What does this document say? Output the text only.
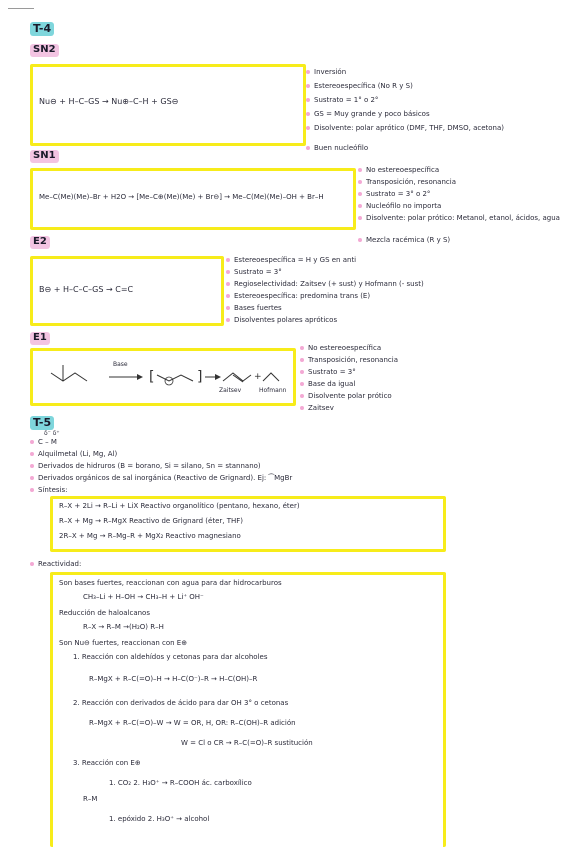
T-4
SN2
Nu⊖ + H–C–GS → Nu⊕–C–H + GS⊖
Inversión
Estereoespecífica (No R y S)
Sustrato = 1° o 2°
GS = Muy grande y poco básicos
Disolvente: polar aprótico (DMF, THF, DMSO, acetona)
Buen nucleófilo
SN1
Me–C(Me)(Me)–Br + H2O → [Me–C⊕(Me)(Me) + Br⊖] → Me–C(Me)(Me)–OH + Br–H
No estereoespecífica
Transposición, resonancia
Sustrato = 3° o 2°
Nucleófilo no importa
Disolvente: polar prótico: Metanol, etanol, ácidos, agua
Mezcla racémica (R y S)
E2
B⊖ + H–C–C–GS → C=C
Estereoespecífica = H y GS en anti
Sustrato = 3°
Regioselectividad: Zaitsev (+ sust) y Hofmann (- sust)
Estereoespecífica: predomina trans (E)
Bases fuertes
Disolventes polares apróticos
E1
[	]	+
Base
Zaitsev	Hofmann
No estereoespecífica
Transposición, resonancia
Sustrato = 3°
Base da igual
Disolvente polar prótico
Zaitsev
T-5
δ⁻ δ⁺
C – M
Alquilmetal (Li, Mg, Al)
Derivados de hidruros (B = borano, Si = silano, Sn = stannano)
Derivados orgánicos de sal inorgánica (Reactivo de Grignard). Ej: ⁀MgBr
Síntesis:
R–X + 2Li → R–Li + LiX Reactivo organolítico (pentano, hexano, éter)
R–X + Mg → R–MgX Reactivo de Grignard (éter, THF)
2R–X + Mg → R–Mg–R + MgX₂ Reactivo magnesiano
Reactividad:
Son bases fuertes, reaccionan con agua para dar hidrocarburos
CH₃–Li + H–OH → CH₃–H + Li⁺ OH⁻
Reducción de haloalcanos
R–X → R–M →(H₂O) R–H
Son Nu⊖ fuertes, reaccionan con E⊕
1. Reacción con aldehídos y cetonas para dar alcoholes
R–MgX + R–C(=O)–H → H–C(O⁻)–R → H–C(OH)–R
2. Reacción con derivados de ácido para dar OH 3° o cetonas
R–MgX + R–C(=O)–W → W = OR, H, OR: R–C(OH)–R adición
W = Cl o CR → R–C(=O)–R sustitución
3. Reacción con E⊕
1. CO₂ 2. H₃O⁺ → R–COOH ác. carboxílico
R–M
1. epóxido 2. H₃O⁺ → alcohol
